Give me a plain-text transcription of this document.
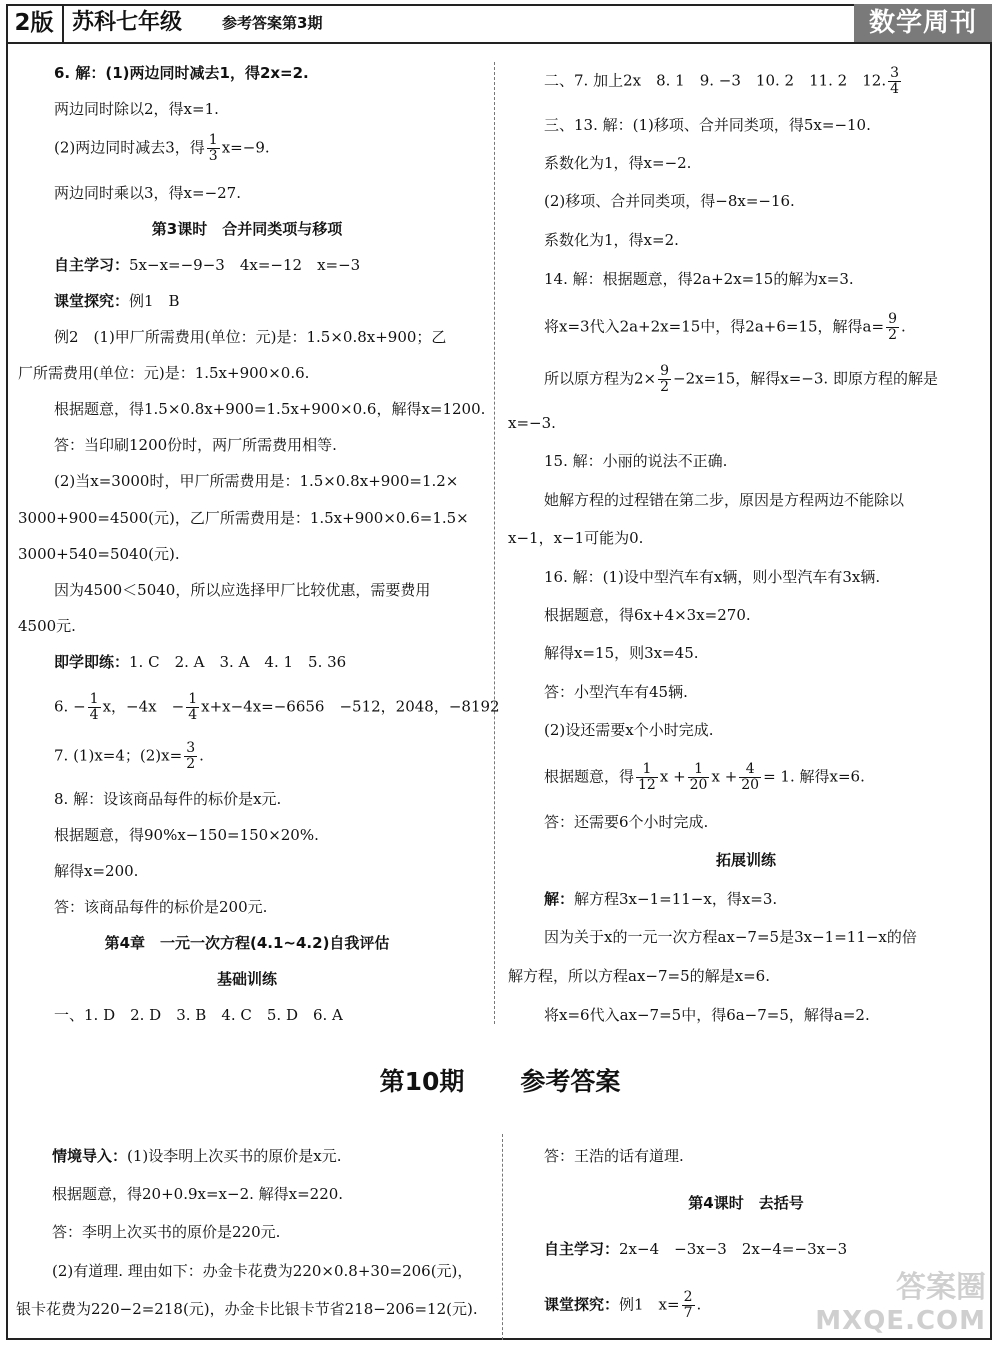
2版 苏科七年级	参考答案第3期	数学周刊
6. 解：(1)两边同时减去1，得2x=2.
两边同时除以2，得x=1.
(2)两边同时减去3，得 $\frac{1}{3} x=-9$.
两边同时乘以3，得x=−27.
第3课时　合并同类项与移项
自主学习：5x−x=−9−3　4x=−12　x=−3
课堂探究：例1　B
例2　(1)甲厂所需费用(单位：元)是：1.5×0.8x+900；乙
厂所需费用(单位：元)是：1.5x+900×0.6.
根据题意，得1.5×0.8x+900=1.5x+900×0.6，解得x=1200.
答：当印刷1200份时，两厂所需费用相等.
(2)当x=3000时，甲厂所需费用是：1.5×0.8x+900=1.2×
3000+900=4500(元)，乙厂所需费用是：1.5x+900×0.6=1.5×
3000+540=5040(元).
因为4500＜5040，所以应选择甲厂比较优惠，需要费用
4500元.
即学即练：1. C　2. A　3. A　4. 1　5. 36
6. − $\frac{1}{4}$ x，−4x　− $\frac{1}{4} x+x-4x=-6656$　−512，2048，−8192
7. (1)x=4；$(2)x= \frac{3}{2}$ .
8. 解：设该商品每件的标价是x元.
根据题意，得90%x−150=150×20%.
解得x=200.
答：该商品每件的标价是200元.
第4章　一元一次方程(4.1~4.2)自我评估
基础训练
一、1. D　2. D　3. B　4. C　5. D　6. A
二、7. 加上2x　8. 1　9. −3　10. 2　11. 2　12. $\frac{3}{4}$
三、13. 解：(1)移项、合并同类项，得5x=−10.
系数化为1，得x=−2.
(2)移项、合并同类项，得−8x=−16.
系数化为1，得x=2.
14. 解：根据题意，得2a+2x=15的解为x=3.
将x=3代入2a+2x=15中，得2a+6=15，解得$a= \frac{9}{2}$ .
所以原方程为$2\times \frac{9}{2} -2x=15$，解得x=−3. 即原方程的解是
x=−3.
15. 解：小丽的说法不正确.
她解方程的过程错在第二步，原因是方程两边不能除以
x−1，x−1可能为0.
16. 解：(1)设中型汽车有x辆，则小型汽车有3x辆.
根据题意，得6x+4×3x=270.
解得x=15，则3x=45.
答：小型汽车有45辆.
(2)设还需要x个小时完成.
根据题意，得 $\frac{1}{12}$ $x + \frac{1}{20}$ $x + \frac{4}{20} = 1$. 解得x=6.
答：还需要6个小时完成.
拓展训练
解：解方程3x−1=11−x，得x=3.
因为关于x的一元一次方程ax−7=5是3x−1=11−x的倍
解方程，所以方程ax−7=5的解是x=6.
将x=6代入ax−7=5中，得6a−7=5，解得a=2.
第10期 参考答案
情境导入：(1)设李明上次买书的原价是x元.
根据题意，得20+0.9x=x−2. 解得x=220.
答：李明上次买书的原价是220元.
(2)有道理. 理由如下：办金卡花费为220×0.8+30=206(元)，
银卡花费为220−2=218(元)，办金卡比银卡节省218−206=12(元).
答：王浩的话有道理.
第4课时　去括号
自主学习：2x−4　−3x−3　2x−4=−3x−3
课堂探究：例1　$x= \frac{2}{7}$ .	答案圈
MXQE.COM
